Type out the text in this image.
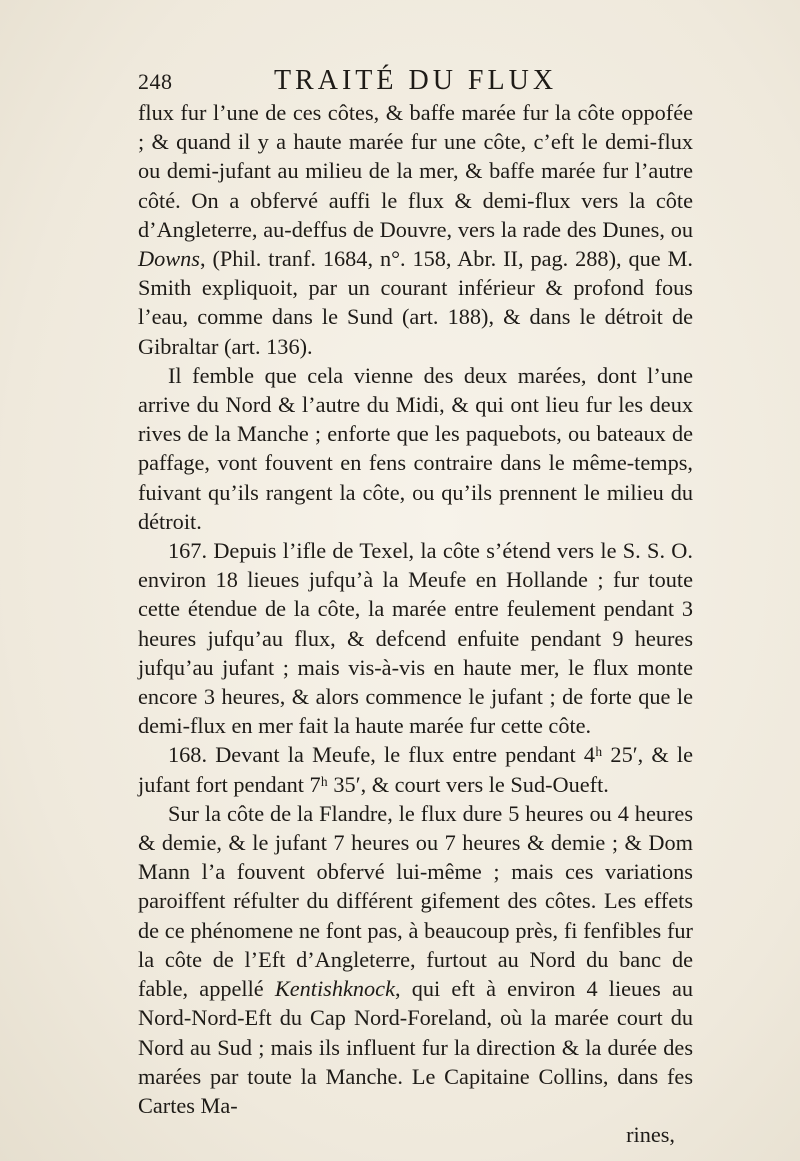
248	TRAITÉ DU FLUX

flux fur l’une de ces côtes, & baffe marée fur la côte oppofée ; & quand il y a haute marée fur une côte, c’eft le demi-flux ou demi-jufant au milieu de la mer, & baffe marée fur l’autre côté. On a obfervé auffi le flux & demi-flux vers la côte d’Angleterre, au-deffus de Douvre, vers la rade des Dunes, ou Downs, (Phil. tranf. 1684, n°. 158, Abr. II, pag. 288), que M. Smith expliquoit, par un courant inférieur & profond fous l’eau, comme dans le Sund (art. 188), & dans le détroit de Gibraltar (art. 136).

Il femble que cela vienne des deux marées, dont l’une arrive du Nord & l’autre du Midi, & qui ont lieu fur les deux rives de la Manche ; enforte que les paquebots, ou bateaux de paffage, vont fouvent en fens contraire dans le même-temps, fuivant qu’ils rangent la côte, ou qu’ils prennent le milieu du détroit.

167. Depuis l’ifle de Texel, la côte s’étend vers le S. S. O. environ 18 lieues jufqu’à la Meufe en Hollande ; fur toute cette étendue de la côte, la marée entre feulement pendant 3 heures jufqu’au flux, & defcend enfuite pendant 9 heures jufqu’au jufant ; mais vis-à-vis en haute mer, le flux monte encore 3 heures, & alors commence le jufant ; de forte que le demi-flux en mer fait la haute marée fur cette côte.

168. Devant la Meufe, le flux entre pendant 4ʰ 25′, & le jufant fort pendant 7ʰ 35′, & court vers le Sud-Oueft.

Sur la côte de la Flandre, le flux dure 5 heures ou 4 heures & demie, & le jufant 7 heures ou 7 heures & demie ; & Dom Mann l’a fouvent obfervé lui-même ; mais ces variations paroiffent réfulter du différent gifement des côtes. Les effets de ce phénomene ne font pas, à beaucoup près, fi fenfibles fur la côte de l’Eft d’Angleterre, furtout au Nord du banc de fable, appellé Kentishknock, qui eft à environ 4 lieues au Nord-Nord-Eft du Cap Nord-Foreland, où la marée court du Nord au Sud ; mais ils influent fur la direction & la durée des marées par toute la Manche. Le Capitaine Collins, dans fes Cartes Ma-

rines,
